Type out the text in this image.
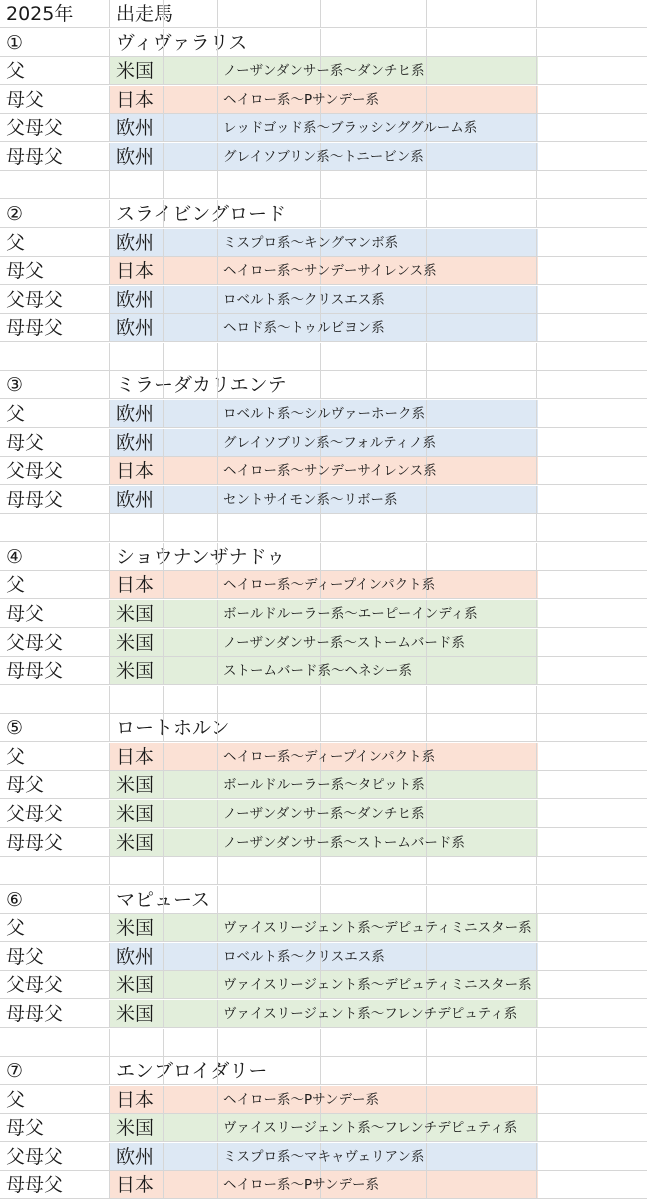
2025年 出走馬
①	ヴィヴァラリス
父	米国	ノーザンダンサー系〜ダンチヒ系
母父	日本	ヘイロー系〜Pサンデー系
父母父	欧州	レッドゴッド系〜ブラッシンググルーム系
母母父	欧州	グレイソブリン系〜トニービン系
②	スライビングロード
父	欧州	ミスプロ系〜キングマンボ系
母父	日本	ヘイロー系〜サンデーサイレンス系
父母父	欧州	ロベルト系〜クリスエス系
母母父	欧州	ヘロド系〜トゥルビヨン系
③	ミラーダカリエンテ
父	欧州	ロベルト系〜シルヴァーホーク系
母父	欧州	グレイソブリン系〜フォルティノ系
父母父	日本	ヘイロー系〜サンデーサイレンス系
母母父	欧州	セントサイモン系〜リボー系
④	ショウナンザナドゥ
父	日本	ヘイロー系〜ディープインパクト系
母父	米国	ボールドルーラー系〜エーピーインディ系
父母父	米国	ノーザンダンサー系〜ストームバード系
母母父	米国	ストームバード系〜ヘネシー系
⑤	ロートホルン
父	日本	ヘイロー系〜ディープインパクト系
母父	米国	ボールドルーラー系〜タピット系
父母父	米国	ノーザンダンサー系〜ダンチヒ系
母母父	米国	ノーザンダンサー系〜ストームバード系
⑥	マピュース
父	米国	ヴァイスリージェント系〜デピュティミニスター系
母父	欧州	ロベルト系〜クリスエス系
父母父	米国	ヴァイスリージェント系〜デピュティミニスター系
母母父	米国	ヴァイスリージェント系〜フレンチデピュティ系
⑦	エンブロイダリー
父	日本	ヘイロー系〜Pサンデー系
母父	米国	ヴァイスリージェント系〜フレンチデピュティ系
父母父	欧州	ミスプロ系〜マキャヴェリアン系
母母父	日本	ヘイロー系〜Pサンデー系
